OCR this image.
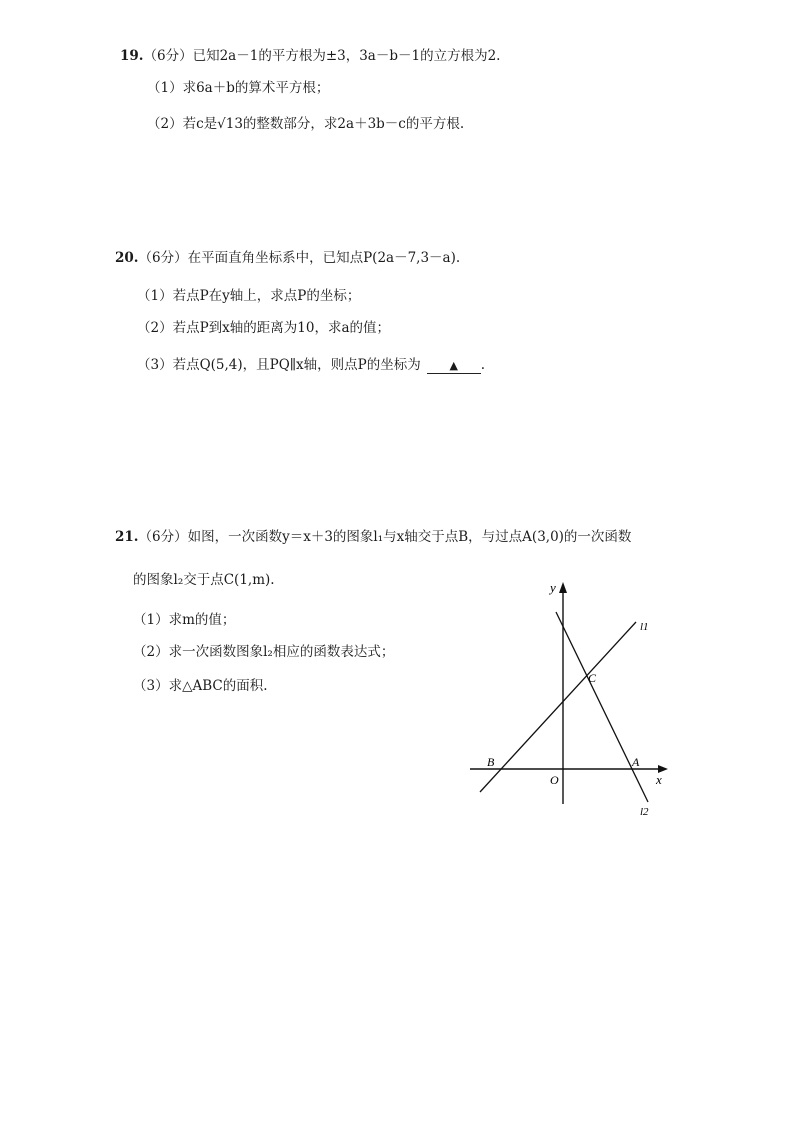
19.（6分）已知2a－1的平方根为±3，3a－b－1的立方根为2.
（1）求6a＋b的算术平方根；
（2）若c是√13的整数部分，求2a＋3b－c的平方根.
20.（6分）在平面直角坐标系中，已知点P(2a－7,3－a).
（1）若点P在y轴上，求点P的坐标；
（2）若点P到x轴的距离为10，求a的值；
（3）若点Q(5,4)，且PQ∥x轴，则点P的坐标为	▲ .
21.（6分）如图，一次函数y＝x＋3的图象l₁与x轴交于点B，与过点A(3,0)的一次函数
的图象l₂交于点C(1,m).
（1）求m的值；
（2）求一次函数图象l₂相应的函数表达式；
（3）求△ABC的面积.
y
x
O
B	A
C
l1
l2
